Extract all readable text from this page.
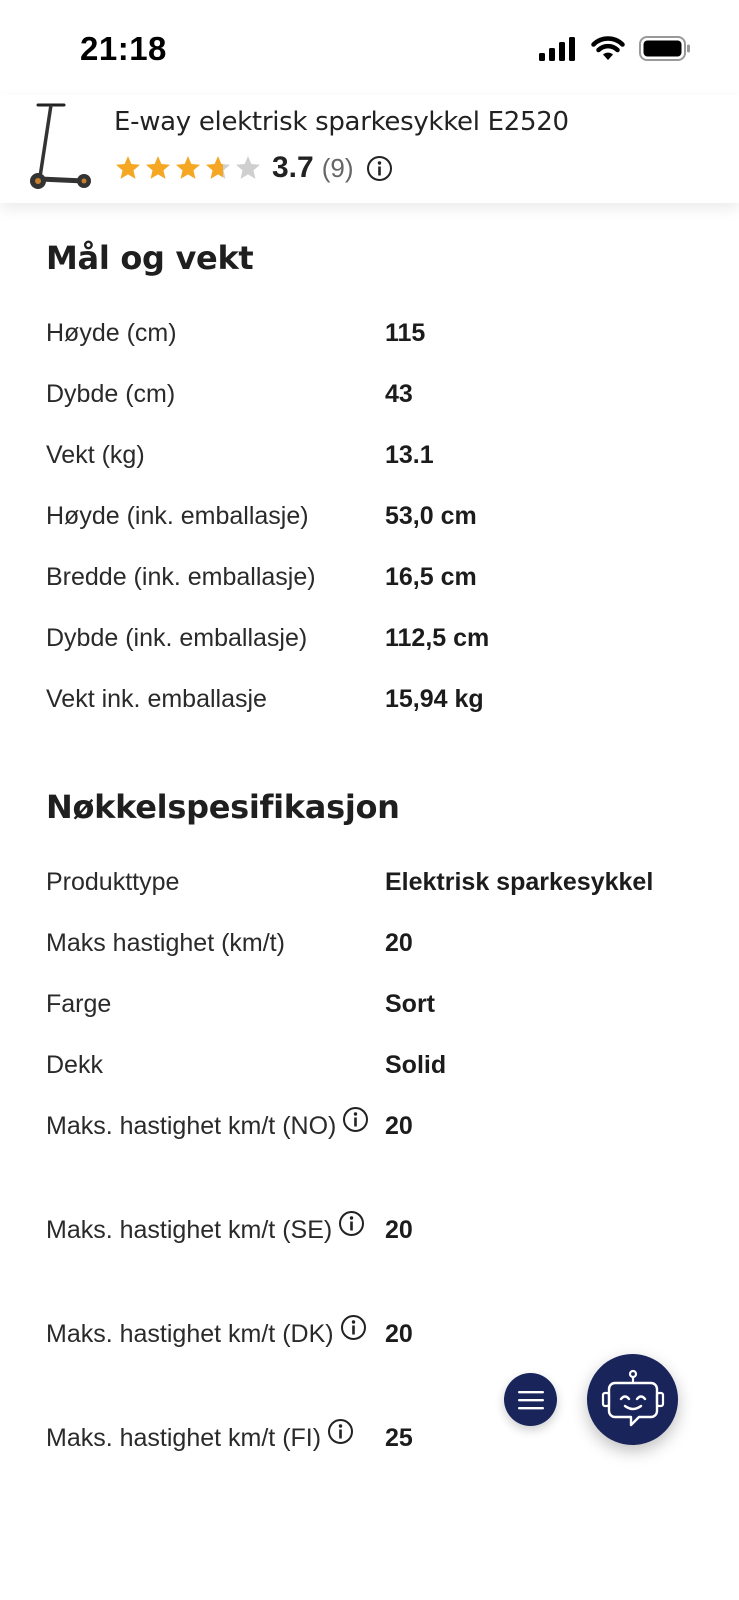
21:18
E-way elektrisk sparkesykkel E2520
3.7 (9)
Mål og vekt
Høyde (cm)	115
Dybde (cm)	43
Vekt (kg)	13.1
Høyde (ink. emballasje)	53,0 cm
Bredde (ink. emballasje)	16,5 cm
Dybde (ink. emballasje)	112,5 cm
Vekt ink. emballasje	15,94 kg
Nøkkelspesifikasjon
Produkttype	Elektrisk sparkesykkel
Maks hastighet (km/t)	20
Farge	Sort
Dekk	Solid
Maks. hastighet km/t (NO)	20
Maks. hastighet km/t (SE)	20
Maks. hastighet km/t (DK)	20
Maks. hastighet km/t (FI)	25
